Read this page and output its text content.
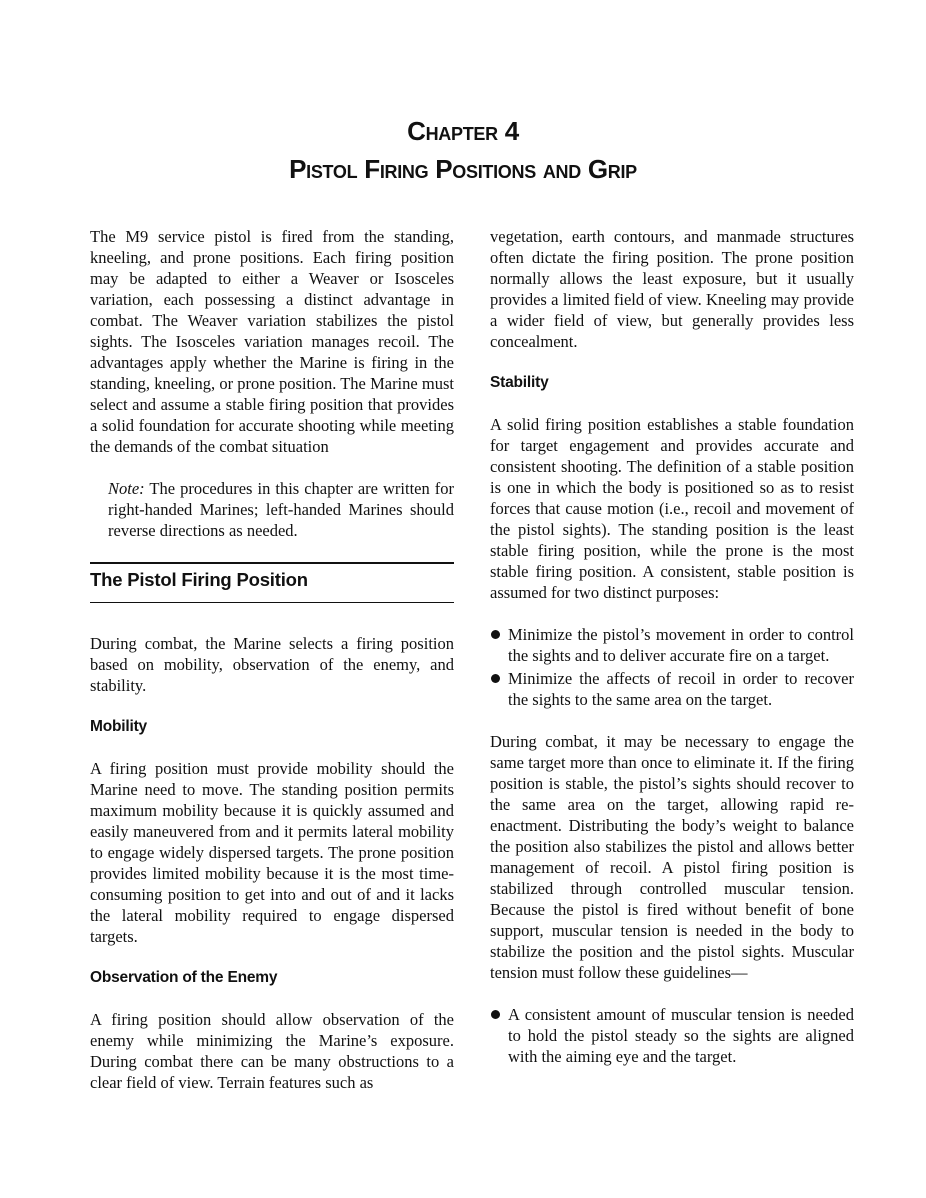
Chapter 4
Pistol Firing Positions and Grip

The M9 service pistol is fired from the standing, kneeling, and prone positions. Each firing position may be adapted to either a Weaver or Isosceles variation, each possessing a distinct advantage in combat. The Weaver variation stabilizes the pistol sights. The Isosceles variation manages recoil. The advantages apply whether the Marine is firing in the standing, kneeling, or prone position. The Marine must select and assume a stable firing position that provides a solid foundation for accurate shooting while meeting the demands of the combat situation

Note: The procedures in this chapter are written for right-handed Marines; left-handed Marines should reverse directions as needed.

The Pistol Firing Position

During combat, the Marine selects a firing position based on mobility, observation of the enemy, and stability.

Mobility

A firing position must provide mobility should the Marine need to move. The standing position permits maximum mobility because it is quickly assumed and easily maneuvered from and it permits lateral mobility to engage widely dispersed targets. The prone position provides limited mobility because it is the most time-consuming position to get into and out of and it lacks the lateral mobility required to engage dispersed targets.

Observation of the Enemy

A firing position should allow observation of the enemy while minimizing the Marine’s exposure. During combat there can be many obstructions to a clear field of view. Terrain features such as

vegetation, earth contours, and manmade structures often dictate the firing position. The prone position normally allows the least exposure, but it usually provides a limited field of view. Kneeling may provide a wider field of view, but generally provides less concealment.

Stability

A solid firing position establishes a stable foundation for target engagement and provides accurate and consistent shooting. The definition of a stable position is one in which the body is positioned so as to resist forces that cause motion (i.e., recoil and movement of the pistol sights). The standing position is the least stable firing position, while the prone is the most stable firing position. A consistent, stable position is assumed for two distinct purposes:

Minimize the pistol’s movement in order to control the sights and to deliver accurate fire on a target.
Minimize the affects of recoil in order to recover the sights to the same area on the target.

During combat, it may be necessary to engage the same target more than once to eliminate it. If the firing position is stable, the pistol’s sights should recover to the same area on the target, allowing rapid re-enactment. Distributing the body’s weight to balance the position also stabilizes the pistol and allows better management of recoil. A pistol firing position is stabilized through controlled muscular tension. Because the pistol is fired without benefit of bone support, muscular tension is needed in the body to stabilize the position and the pistol sights. Muscular tension must follow these guidelines—

A consistent amount of muscular tension is needed to hold the pistol steady so the sights are aligned with the aiming eye and the target.
